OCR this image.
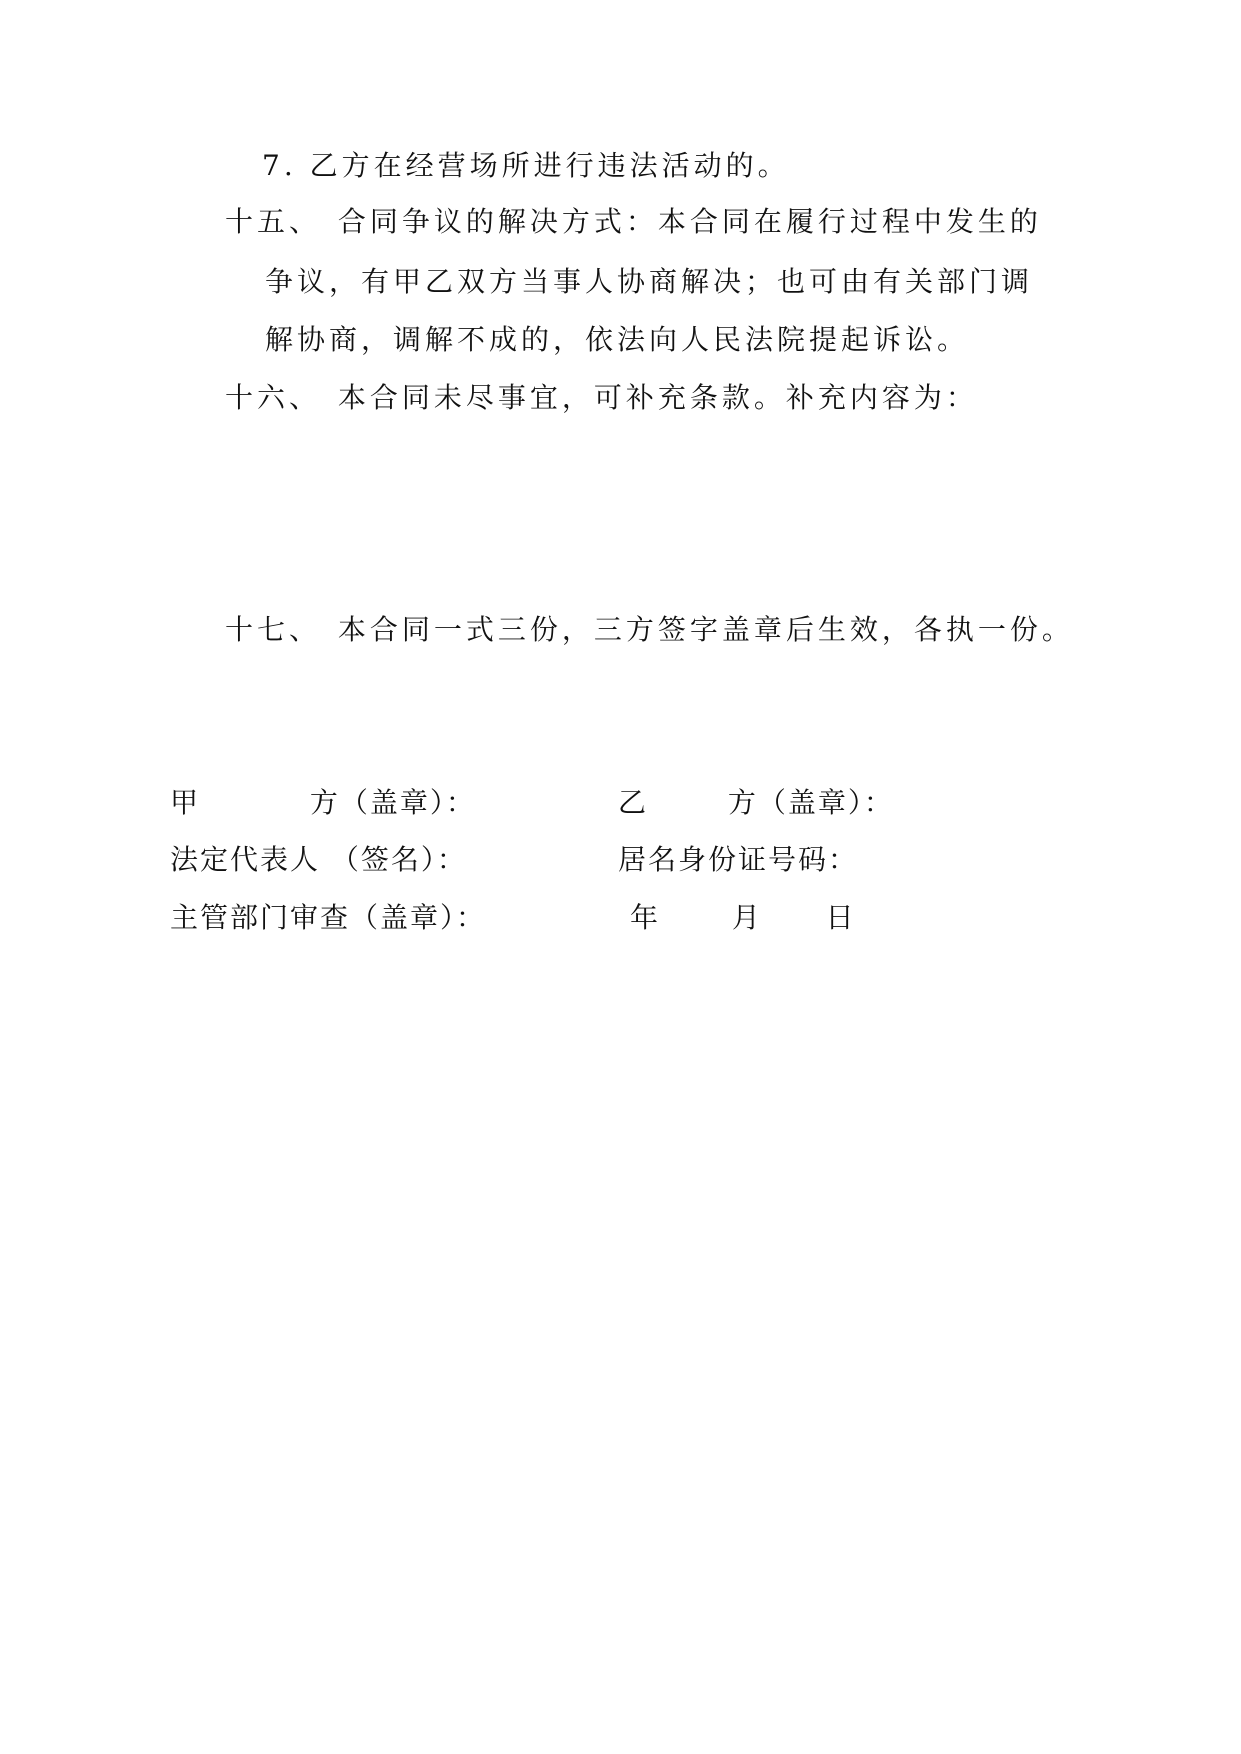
7. 乙方在经营场所进行违法活动的。
十五、 合同争议的解决方式：本合同在履行过程中发生的
争议，有甲乙双方当事人协商解决；也可由有关部门调
解协商，调解不成的，依法向人民法院提起诉讼。
十六、 本合同未尽事宜，可补充条款。补充内容为：
十七、 本合同一式三份，三方签字盖章后生效，各执一份。
甲	方（盖章）：	乙	方（盖章）：
法定代表人 （签名）：	居名身份证号码：
主管部门审查（盖章）：	年	月 日
